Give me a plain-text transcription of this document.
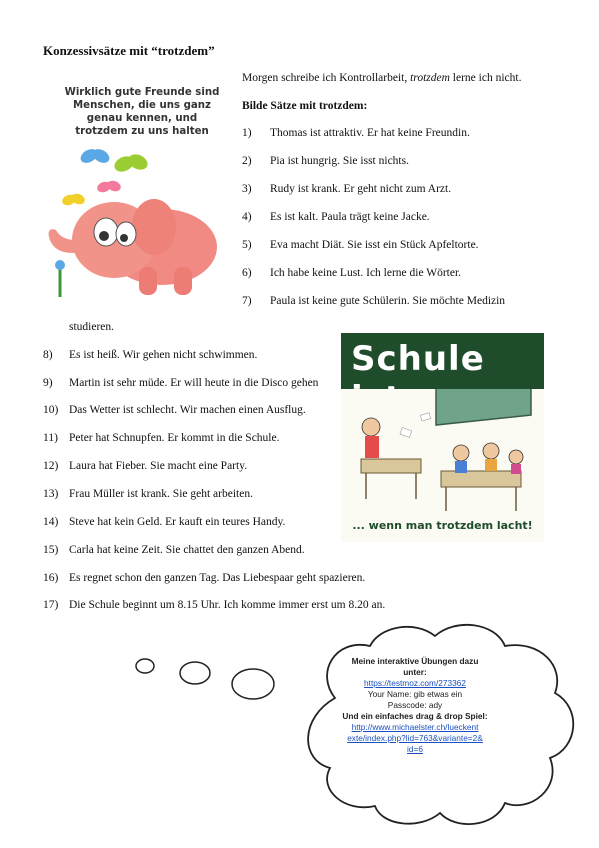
Konzessivsätze mit “trotzdem”
Wirklich gute Freunde sind Menschen, die uns ganz genau kennen, und trotzdem zu uns halten
Morgen schreibe ich Kontrollarbeit, trotzdem lerne ich nicht.
Bilde Sätze mit trotzdem:
1) Thomas ist attraktiv. Er hat keine Freundin.
2) Pia ist hungrig. Sie isst nichts.
3) Rudy ist krank. Er geht nicht zum Arzt.
4) Es ist kalt. Paula trägt keine Jacke.
5) Eva macht Diät. Sie isst ein Stück Apfeltorte.
6) Ich habe keine Lust. Ich lerne die Wörter.
7) Paula ist keine gute Schülerin. Sie möchte Medizin
studieren.
8) Es ist heiß. Wir gehen nicht schwimmen.
9) Martin ist sehr müde. Er will heute in die Disco gehen
10) Das Wetter ist schlecht. Wir machen einen Ausflug.
11) Peter hat Schnupfen. Er kommt in die Schule.
12) Laura hat Fieber. Sie macht eine Party.
13) Frau Müller ist krank. Sie geht arbeiten.
14) Steve hat kein Geld. Er kauft ein teures Handy.
15) Carla hat keine Zeit. Sie chattet den ganzen Abend.
16) Es regnet schon den ganzen Tag. Das Liebespaar geht spazieren.
17) Die Schule beginnt um 8.15 Uhr. Ich komme immer erst um 8.20 an.
Schule
... wenn man trotzdem lacht!
Meine interaktive Übungen dazu
unter:
https://testmoz.com/273362
Your Name: gib etwas ein
Passcode: ady
Und ein einfaches drag & drop Spiel:
http://www.michaelster.ch/lueckent
exte/index.php?lid=763&variante=2&
id=6
